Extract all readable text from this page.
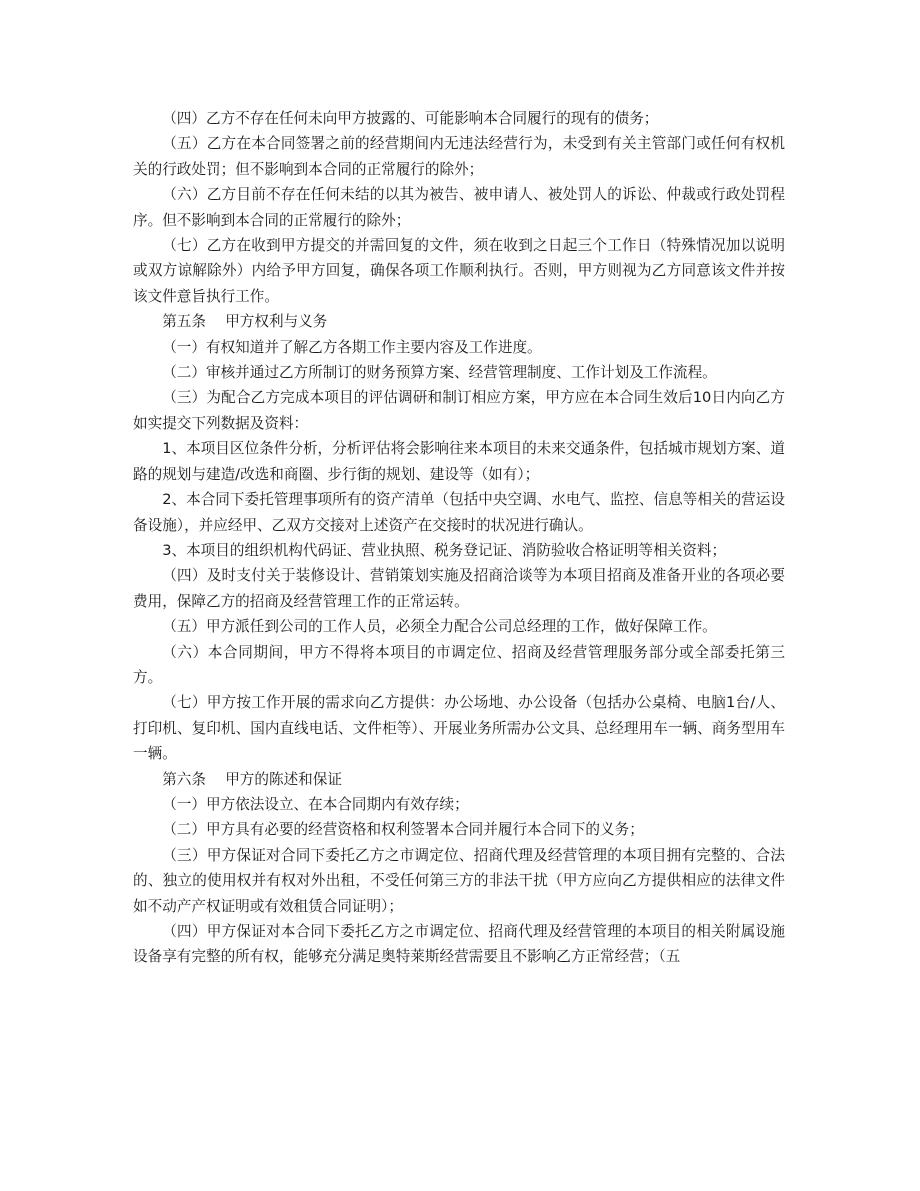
（四）乙方不存在任何未向甲方披露的、可能影响本合同履行的现有的债务；

（五）乙方在本合同签署之前的经营期间内无违法经营行为，未受到有关主管部门或任何有权机关的行政处罚；但不影响到本合同的正常履行的除外；

（六）乙方目前不存在任何未结的以其为被告、被申请人、被处罚人的诉讼、仲裁或行政处罚程序。但不影响到本合同的正常履行的除外；

（七）乙方在收到甲方提交的并需回复的文件，须在收到之日起三个工作日（特殊情况加以说明或双方谅解除外）内给予甲方回复，确保各项工作顺利执行。否则，甲方则视为乙方同意该文件并按该文件意旨执行工作。

第五条　 甲方权利与义务

（一）有权知道并了解乙方各期工作主要内容及工作进度。

（二）审核并通过乙方所制订的财务预算方案、经营管理制度、工作计划及工作流程。

（三）为配合乙方完成本项目的评估调研和制订相应方案，甲方应在本合同生效后10日内向乙方如实提交下列数据及资料：

1、本项目区位条件分析，分析评估将会影响往来本项目的未来交通条件，包括城市规划方案、道路的规划与建造/改选和商圈、步行街的规划、建设等（如有）；

2、本合同下委托管理事项所有的资产清单（包括中央空调、水电气、监控、信息等相关的营运设备设施），并应经甲、乙双方交接对上述资产在交接时的状况进行确认。

3、本项目的组织机构代码证、营业执照、税务登记证、消防验收合格证明等相关资料；

（四）及时支付关于装修设计、营销策划实施及招商洽谈等为本项目招商及准备开业的各项必要费用，保障乙方的招商及经营管理工作的正常运转。

（五）甲方派任到公司的工作人员，必须全力配合公司总经理的工作，做好保障工作。

（六）本合同期间，甲方不得将本项目的市调定位、招商及经营管理服务部分或全部委托第三方。

（七）甲方按工作开展的需求向乙方提供：办公场地、办公设备（包括办公桌椅、电脑1台/人、打印机、复印机、国内直线电话、文件柜等）、开展业务所需办公文具、总经理用车一辆、商务型用车一辆。

第六条　 甲方的陈述和保证

（一）甲方依法设立、在本合同期内有效存续；

（二）甲方具有必要的经营资格和权利签署本合同并履行本合同下的义务；

（三）甲方保证对合同下委托乙方之市调定位、招商代理及经营管理的本项目拥有完整的、合法的、独立的使用权并有权对外出租，不受任何第三方的非法干扰（甲方应向乙方提供相应的法律文件如不动产产权证明或有效租赁合同证明）；

（四）甲方保证对本合同下委托乙方之市调定位、招商代理及经营管理的本项目的相关附属设施设备享有完整的所有权，能够充分满足奥特莱斯经营需要且不影响乙方正常经营；（五
